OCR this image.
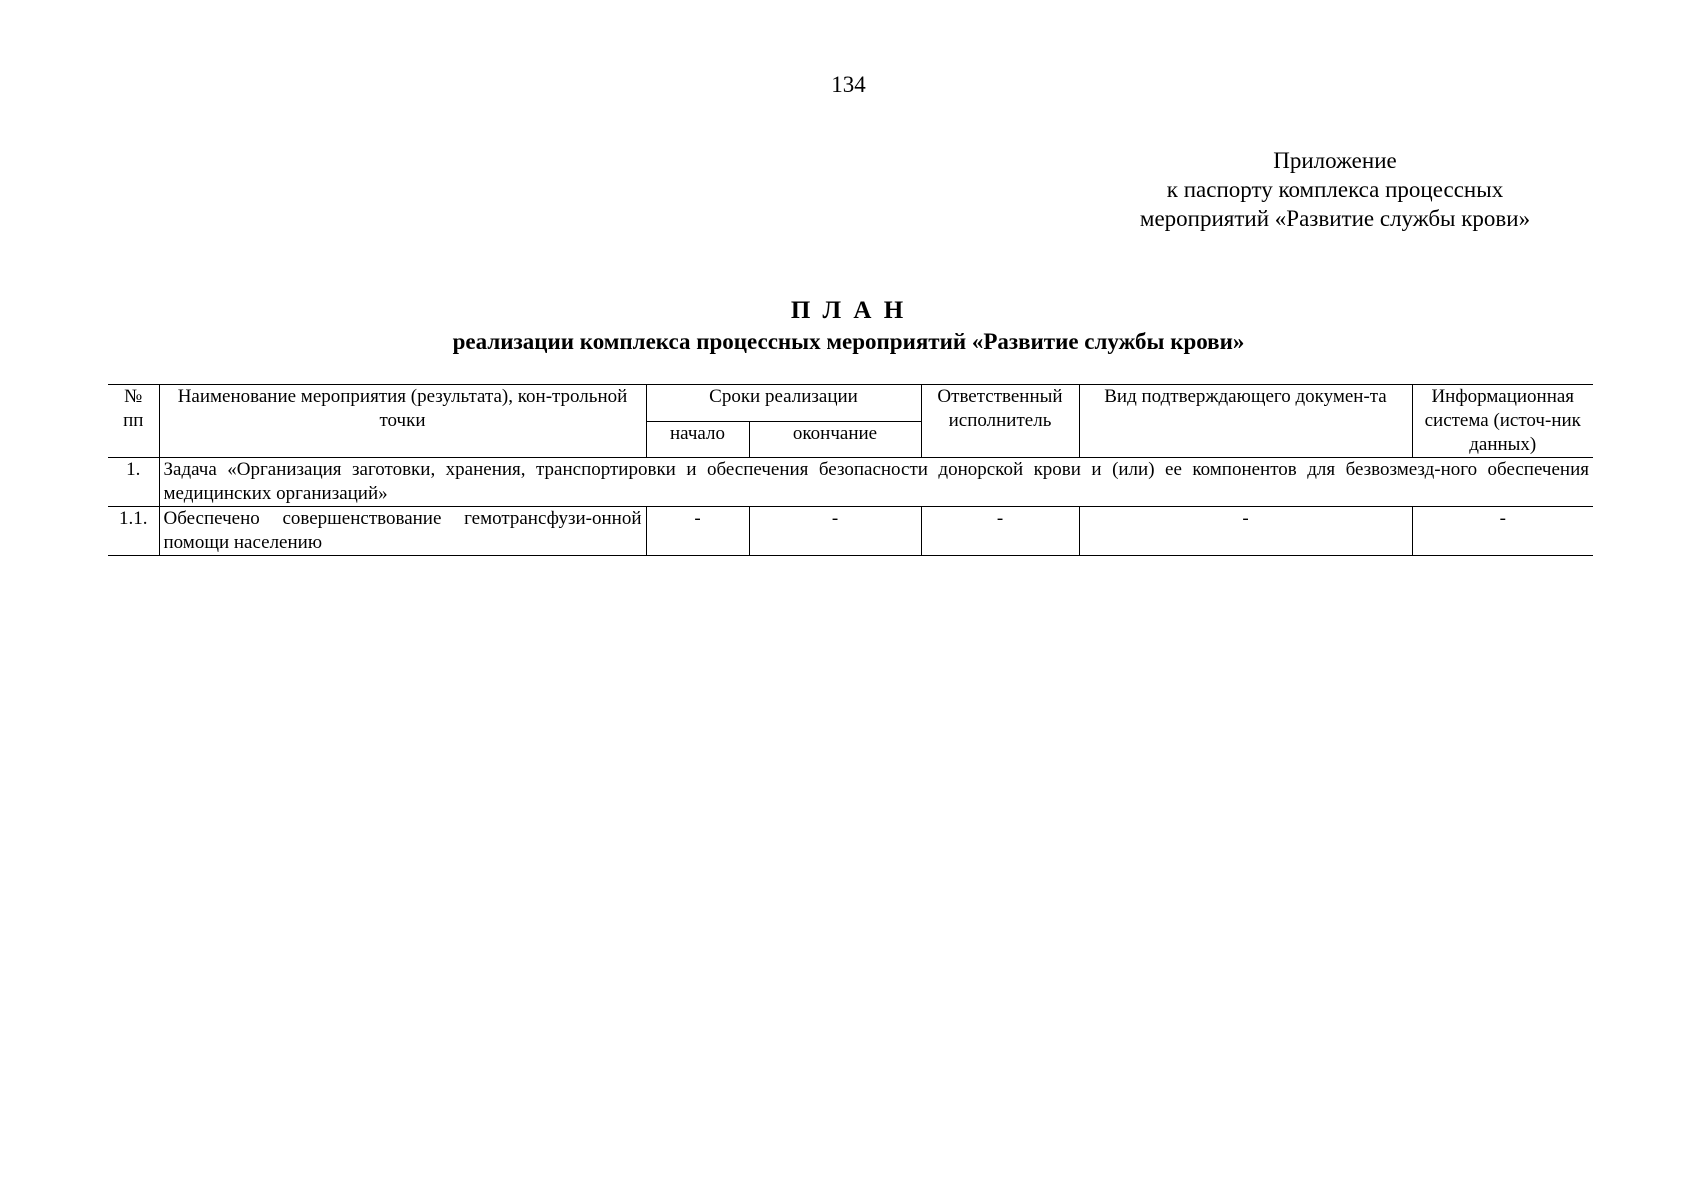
134
Приложение
к паспорту комплекса процессных
мероприятий «Развитие службы крови»
П Л А Н
реализации комплекса процессных мероприятий «Развитие службы крови»
№ пп	Наименование мероприятия (результата), кон-трольной точки	Сроки реализации		Ответственный исполнитель	Вид подтверждающего докумен-та	Информационная система (источ-ник данных)
		начало	окончание			
1.	Задача «Организация заготовки, хранения, транспортировки и обеспечения безопасности донорской крови и (или) ее компонентов для безвозмезд-ного обеспечения медицинских организаций»					
1.1.	Обеспечено совершенствование гемотрансфузи-онной помощи населению	-	-	-	-	-
